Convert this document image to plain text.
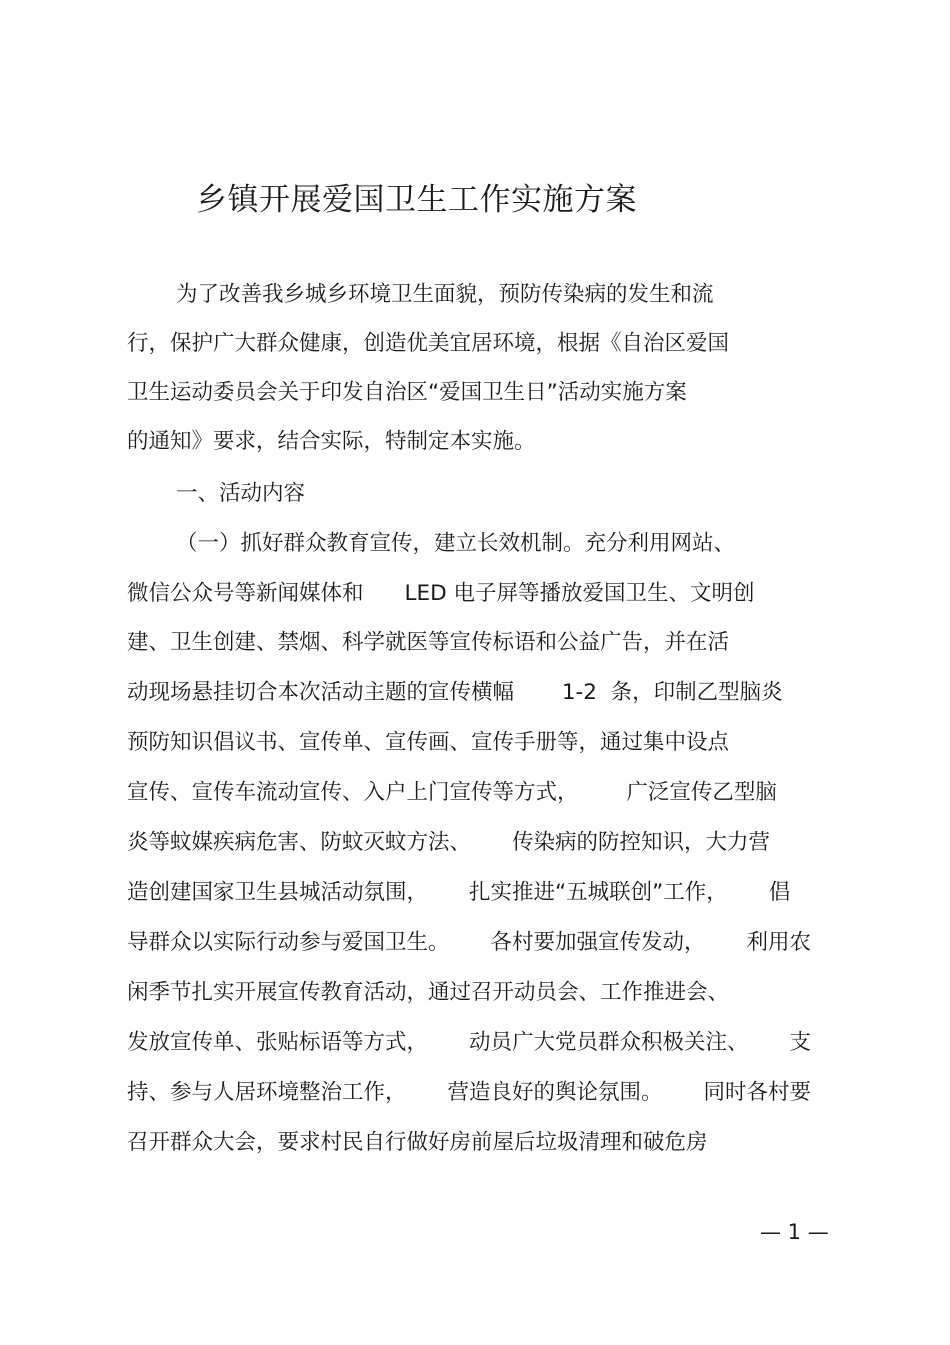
乡镇开展爱国卫生工作实施方案
为了改善我乡城乡环境卫生面貌，预防传染病的发生和流
行，保护广大群众健康，创造优美宜居环境，根据《自治区爱国
卫生运动委员会关于印发自治区“爱国卫生日”活动实施方案
的通知》要求，结合实际，特制定本实施。
一、活动内容
（一）抓好群众教育宣传，建立长效机制。充分利用网站、
微信公众号等新闻媒体和      LED 电子屏等播放爱国卫生、文明创
建、卫生创建、禁烟、科学就医等宣传标语和公益广告，并在活
动现场悬挂切合本次活动主题的宣传横幅       1-2  条，印制乙型脑炎
预防知识倡议书、宣传单、宣传画、宣传手册等，通过集中设点
宣传、宣传车流动宣传、入户上门宣传等方式，       广泛宣传乙型脑
炎等蚊媒疾病危害、防蚊灭蚊方法、      传染病的防控知识，大力营
造创建国家卫生县城活动氛围，      扎实推进“五城联创”工作，      倡
导群众以实际行动参与爱国卫生。      各村要加强宣传发动，      利用农
闲季节扎实开展宣传教育活动，通过召开动员会、工作推进会、
发放宣传单、张贴标语等方式，      动员广大党员群众积极关注、      支
持、参与人居环境整治工作，      营造良好的舆论氛围。      同时各村要
召开群众大会，要求村民自行做好房前屋后垃圾清理和破危房
— 1 —
